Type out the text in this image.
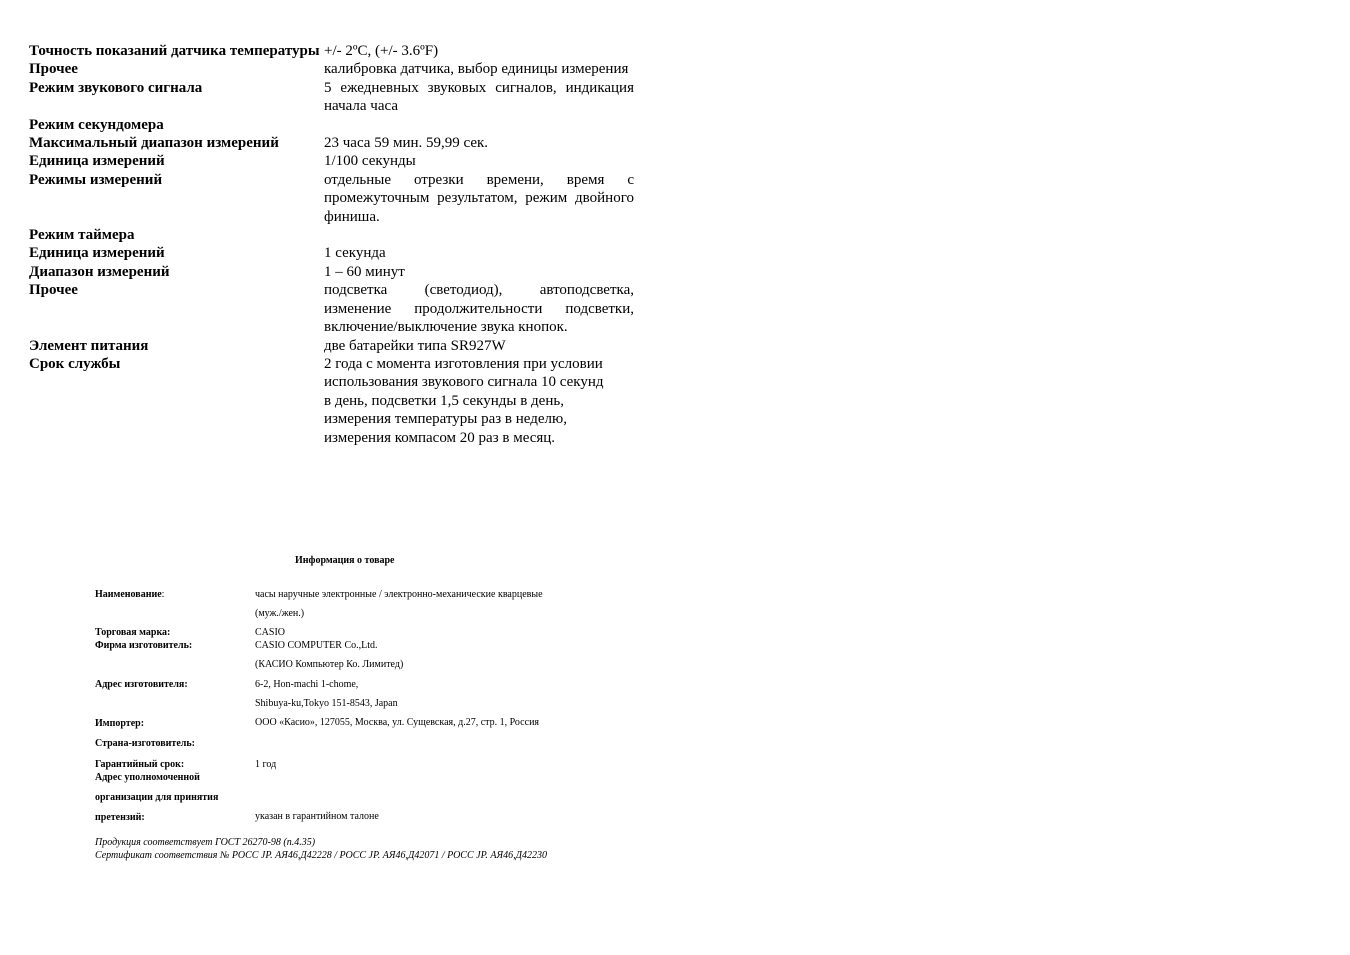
Точность показаний датчика температуры +/- 2ºC, (+/- 3.6ºF)
Прочее	калибровка датчика, выбор единицы измерения
Режим звукового сигнала	5 ежедневных звуковых сигналов, индикация начала часа
Режим секундомера
Максимальный диапазон измерений	23 часа 59 мин. 59,99 сек.
Единица измерений	1/100 секунды
Режимы измерений	отдельные отрезки времени, время с промежуточным результатом, режим двойного финиша.
Режим таймера
Единица измерений	1 секунда
Диапазон измерений	1 – 60 минут
Прочее	подсветка (светодиод), автоподсветка, изменение продолжительности подсветки, включение/выключение звука кнопок.
Элемент питания	две батарейки типа SR927W
Срок службы	2 года с момента изготовления при условии
использования звукового сигнала 10 секунд
в день, подсветки 1,5 секунды в день,
измерения температуры раз в неделю,
измерения компасом 20 раз в месяц.
Информация о товаре
Наименование:	часы наручные электронные / электронно-механические кварцевые
(муж./жен.)
Торговая марка:	CASIO
Фирма изготовитель:	CASIO COMPUTER Co.,Ltd.
(КАСИО Компьютер Ко. Лимитед)
Адрес изготовителя:	6-2, Hon-machi 1-chome,
Shibuya-ku,Tokyo 151-8543, Japan
Импортер:	ООО «Касио», 127055, Москва, ул. Сущевская, д.27, стр. 1, Россия
Страна-изготовитель:
Гарантийный срок:	1 год
Адрес уполномоченной
организации для принятия
претензий:	указан в гарантийном талоне
Продукция соответствует ГОСТ 26270-98 (п.4.35)
Сертификат соответствия № РОСС JP. АЯ46,Д42228 / РОСС JP. АЯ46,Д42071 / РОСС JP. АЯ46,Д42230
